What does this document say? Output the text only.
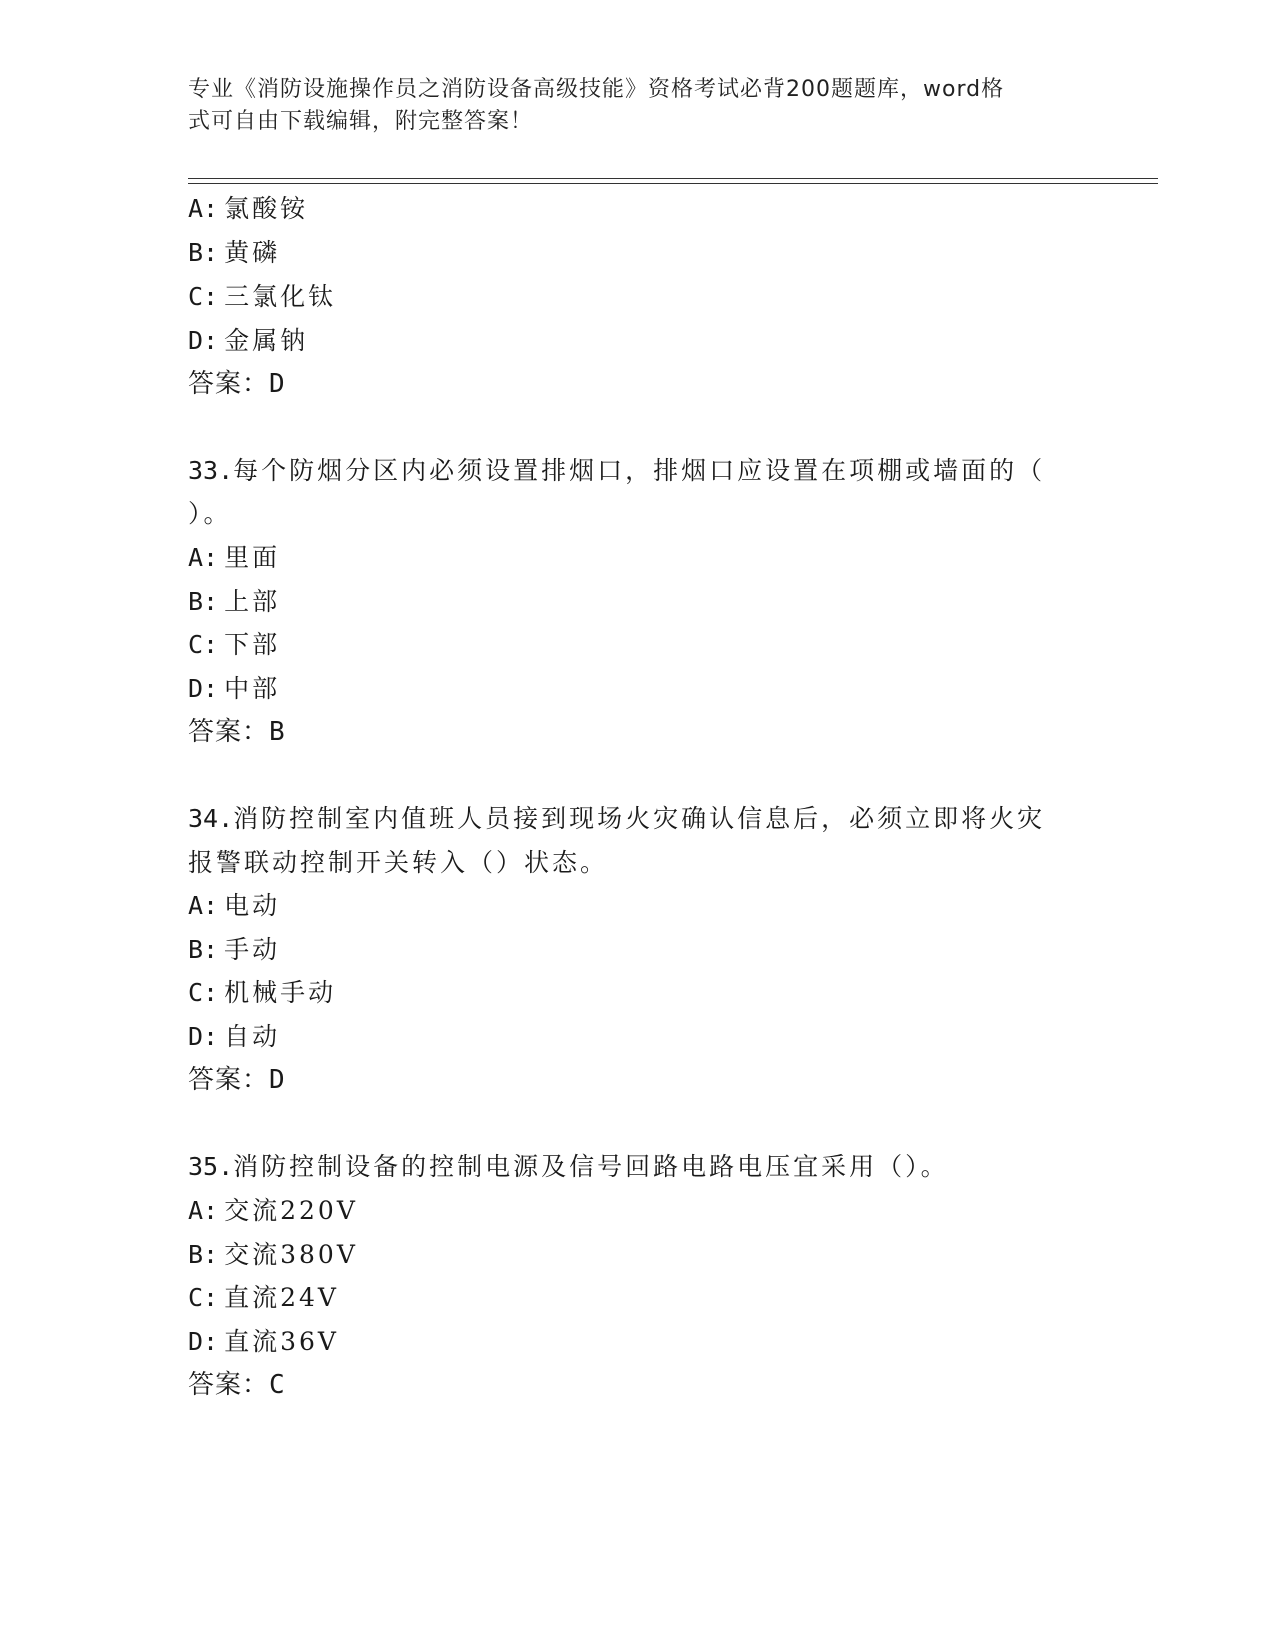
专业《消防设施操作员之消防设备高级技能》资格考试必背200题题库，word格
式可自由下载编辑，附完整答案！
A: 氯酸铵
B: 黄磷
C: 三氯化钛
D: 金属钠
答案：D
33.每个防烟分区内必须设置排烟口，排烟口应设置在项棚或墙面的（
）。
A: 里面
B: 上部
C: 下部
D: 中部
答案：B
34.消防控制室内值班人员接到现场火灾确认信息后，必须立即将火灾
报警联动控制开关转入（）状态。
A: 电动
B: 手动
C: 机械手动
D: 自动
答案：D
35.消防控制设备的控制电源及信号回路电路电压宜采用（）。
A: 交流220V
B: 交流380V
C: 直流24V
D: 直流36V
答案：C
